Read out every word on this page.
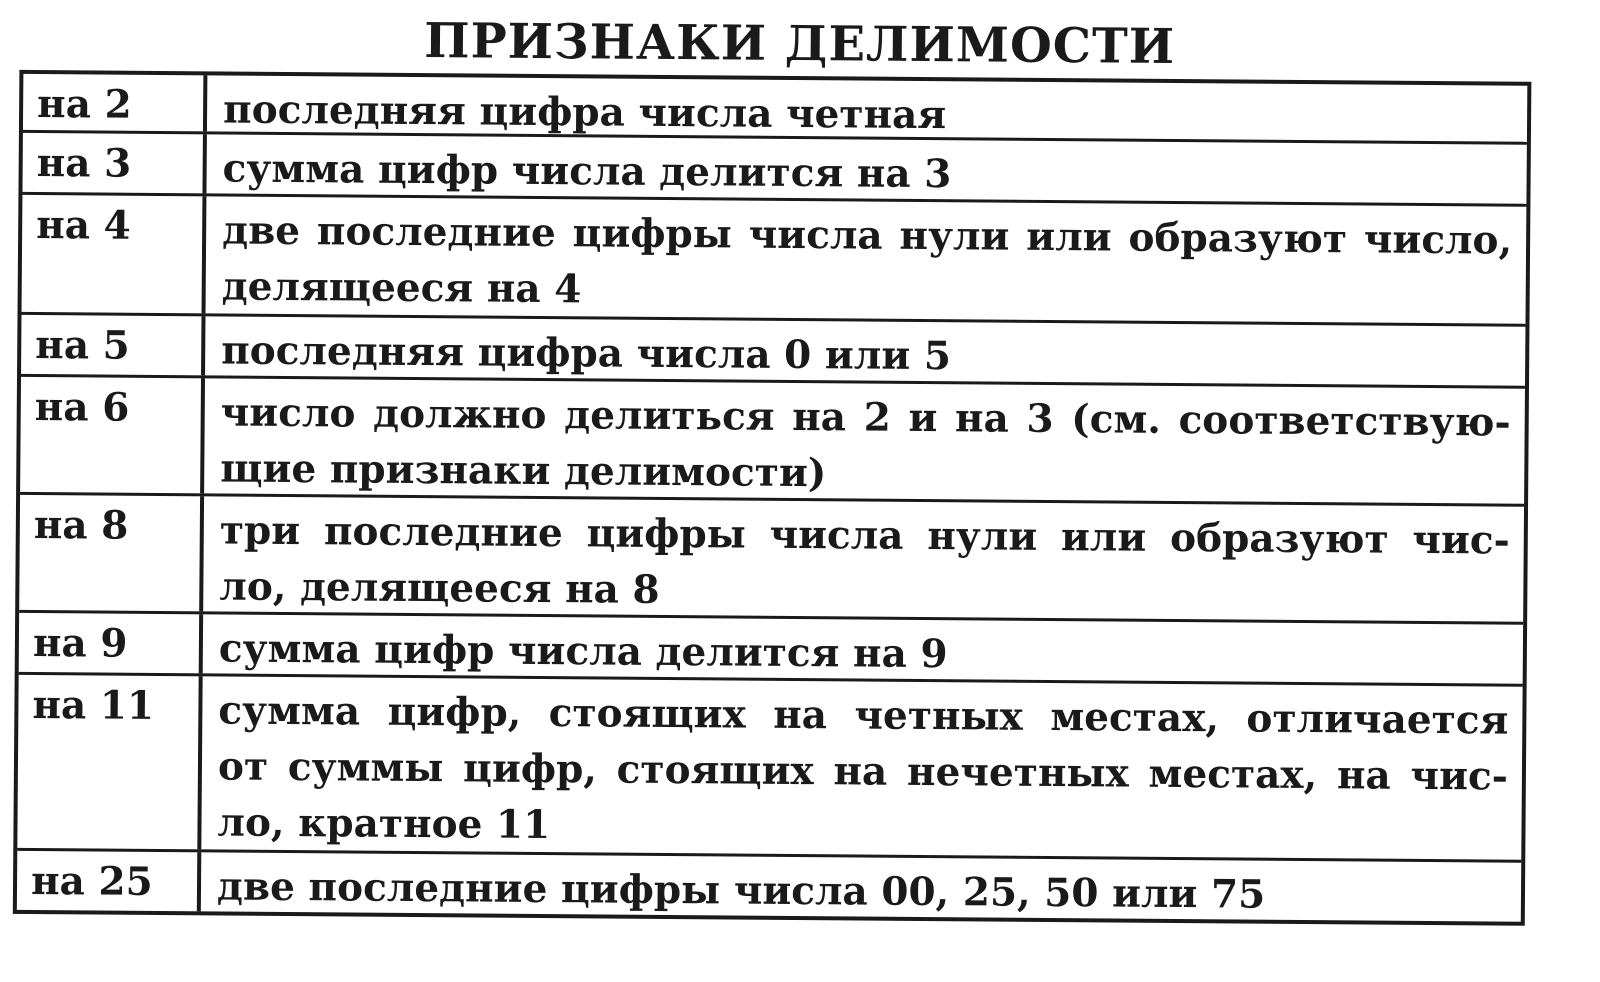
ПРИЗНАКИ ДЕЛИМОСТИ
на 2	последняя цифра числа четная
на 3	сумма цифр числа делится на 3
на 4	две последние цифры числа нули или образуют число,
делящееся на 4
на 5	последняя цифра числа 0 или 5
на 6	число должно делиться на 2 и на 3 (см. соответствую-
щие признаки делимости)
на 8	три последние цифры числа нули или образуют чис-
ло, делящееся на 8
на 9	сумма цифр числа делится на 9
на 11	сумма цифр, стоящих на четных местах, отличается
от суммы цифр, стоящих на нечетных местах, на чис-
ло, кратное 11
на 25	две последние цифры числа 00, 25, 50 или 75
